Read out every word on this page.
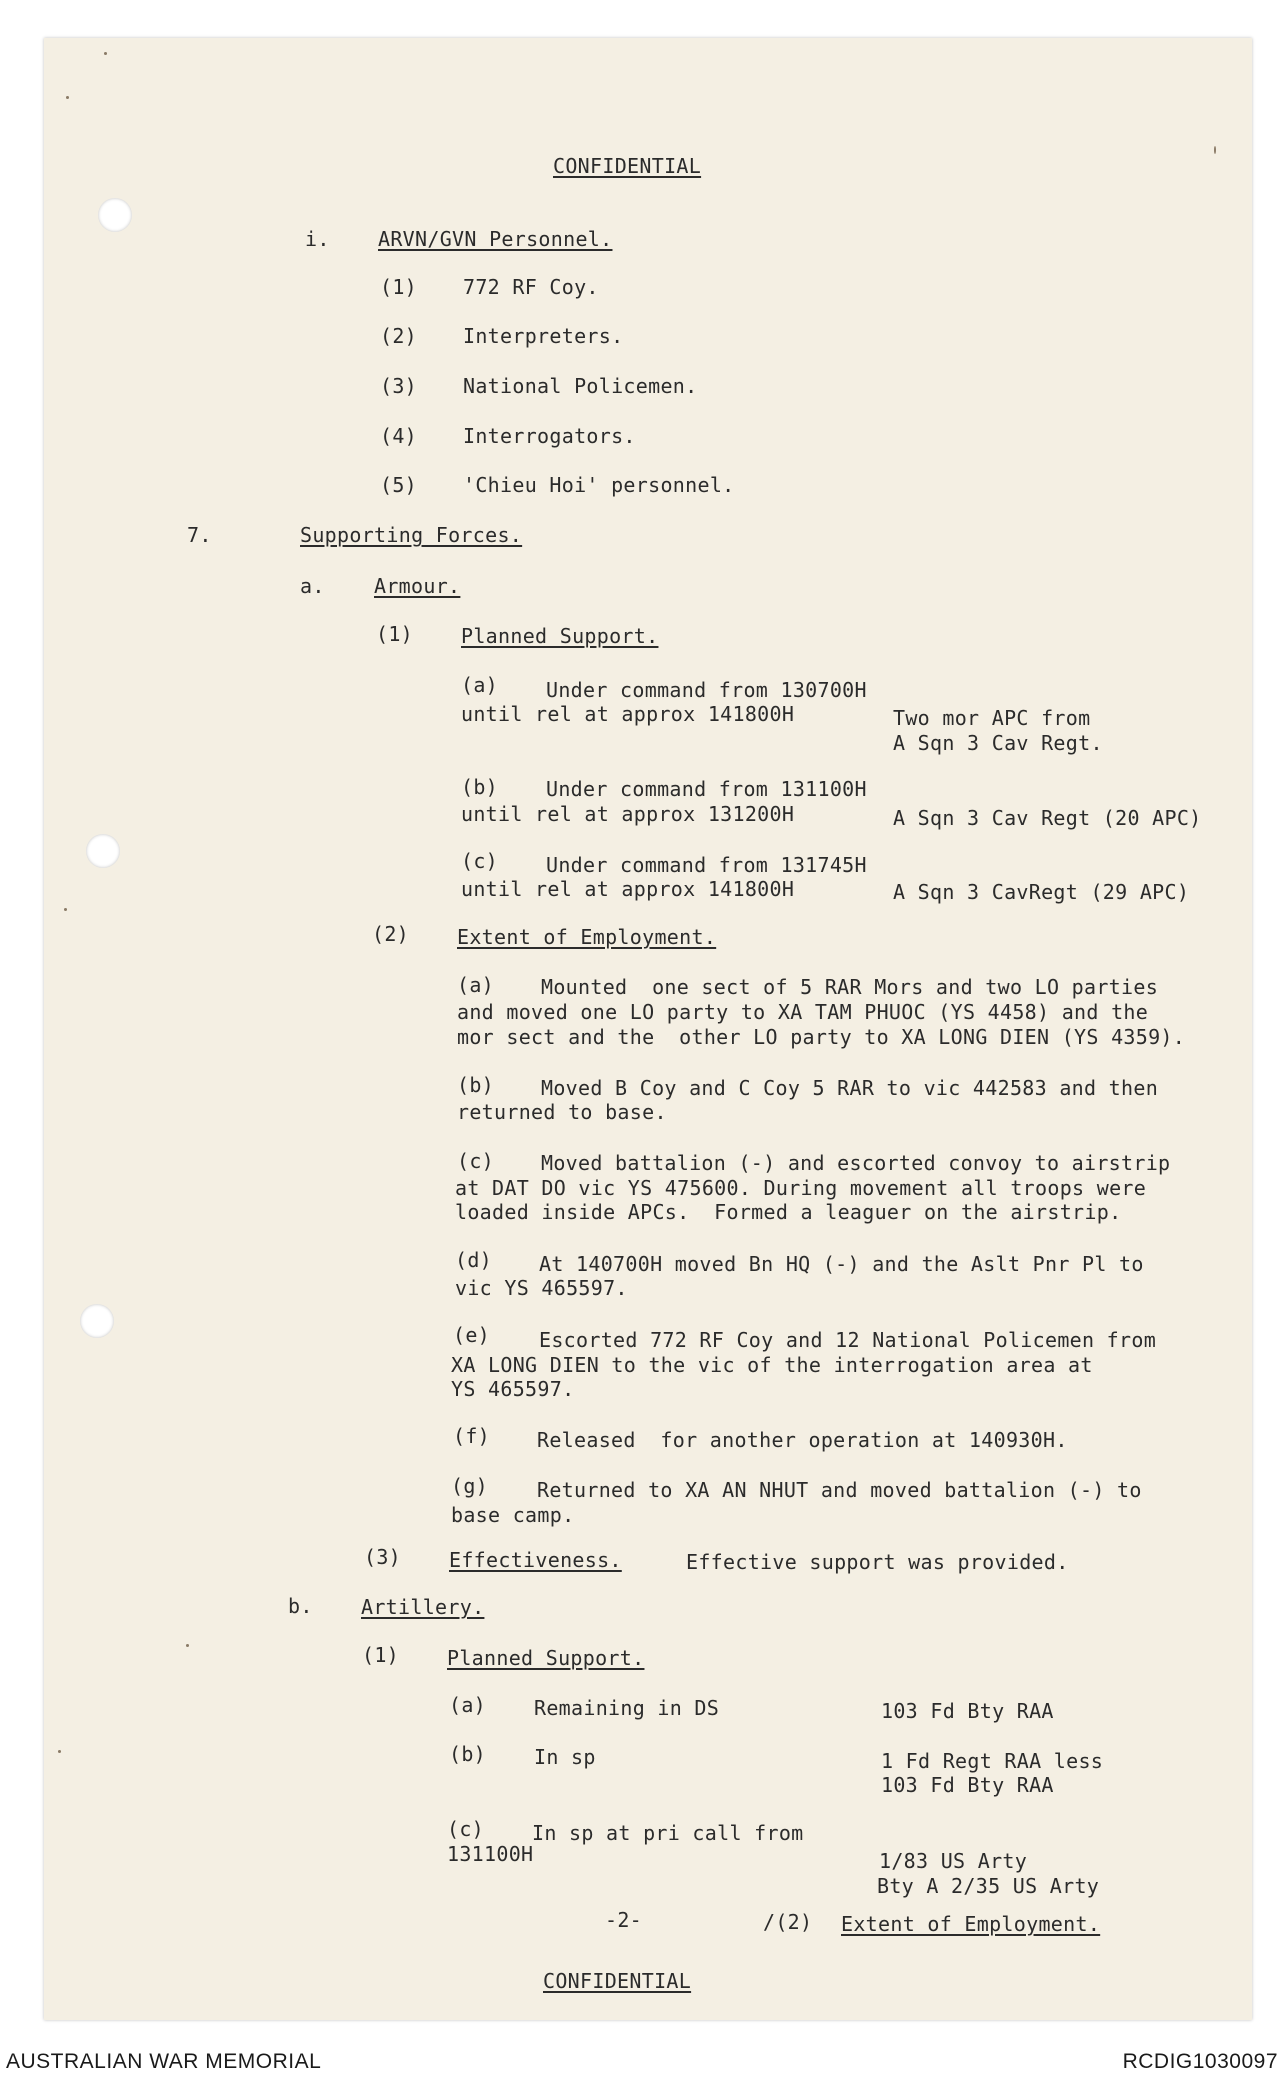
CONFIDENTIAL
i. ARVN/GVN Personnel.
(1) 772 RF Coy.
(2) Interpreters.
(3) National Policemen.
(4) Interrogators.
(5) 'Chieu Hoi' personnel.
7.	Supporting Forces.
a. Armour.
(1) Planned Support.
(a) Under command from 130700H
until rel at approx 141800H	Two mor APC from
A Sqn 3 Cav Regt.
(b) Under command from 131100H
until rel at approx 131200H	A Sqn 3 Cav Regt (20 APC)
(c) Under command from 131745H
until rel at approx 141800H	A Sqn 3 CavRegt (29 APC)
(2) Extent of Employment.
(a) Mounted  one sect of 5 RAR Mors and two LO parties
and moved one LO party to XA TAM PHUOC (YS 4458) and the
mor sect and the  other LO party to XA LONG DIEN (YS 4359).
(b) Moved B Coy and C Coy 5 RAR to vic 442583 and then
returned to base.
(c) Moved battalion (-) and escorted convoy to airstrip
at DAT DO vic YS 475600. During movement all troops were
loaded inside APCs.  Formed a leaguer on the airstrip.
(d) At 140700H moved Bn HQ (-) and the Aslt Pnr Pl to
vic YS 465597.
(e) Escorted 772 RF Coy and 12 National Policemen from
XA LONG DIEN to the vic of the interrogation area at
YS 465597.
(f) Released  for another operation at 140930H.
(g) Returned to XA AN NHUT and moved battalion (-) to
base camp.
(3) Effectiveness.	Effective support was provided.
b. Artillery.
(1) Planned Support.
(a) Remaining in DS	103 Fd Bty RAA
(b) In sp	1 Fd Regt RAA less
103 Fd Bty RAA
(c) In sp at pri call from
131100H	1/83 US Arty
Bty A 2/35 US Arty
-2-	/(2) Extent of Employment.
CONFIDENTIAL
AUSTRALIAN WAR MEMORIAL	RCDIG1030097
